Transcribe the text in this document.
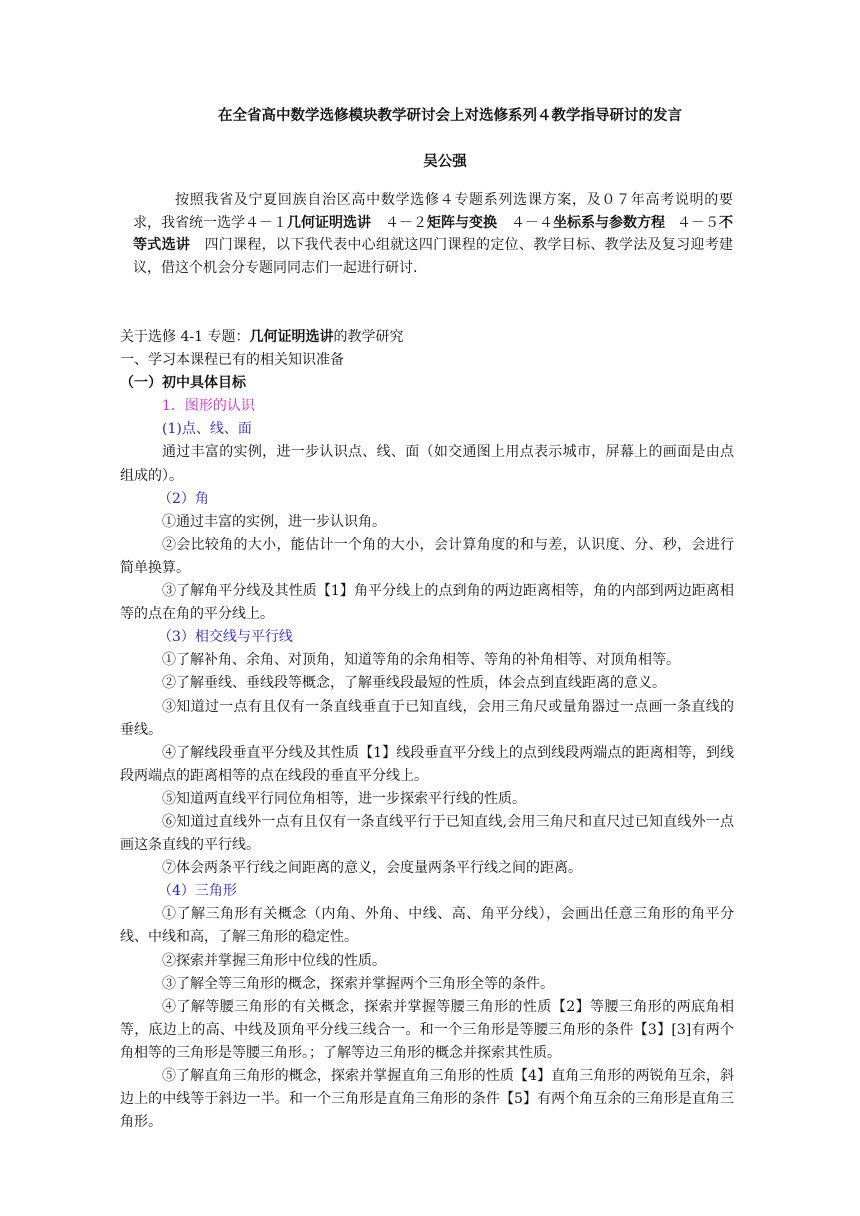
在全省高中数学选修模块教学研讨会上对选修系列４教学指导研讨的发言
吴公强
按照我省及宁夏回族自治区高中数学选修４专题系列选课方案，及０７年高考说明的要求，我省统一选学４－１几何证明选讲　４－２矩阵与变换　４－４坐标系与参数方程 ４－５不等式选讲　四门课程，以下我代表中心组就这四门课程的定位、教学目标、教学法及复习迎考建议，借这个机会分专题同同志们一起进行研讨.

关于选修 4-1 专题：几何证明选讲的教学研究

一、学习本课程已有的相关知识准备

（一）初中具体目标

1．图形的认识

(1)点、线、面

通过丰富的实例，进一步认识点、线、面（如交通图上用点表示城市，屏幕上的画面是由点组成的）。

（2）角

①通过丰富的实例，进一步认识角。

②会比较角的大小，能估计一个角的大小，会计算角度的和与差，认识度、分、秒，会进行简单换算。

③了解角平分线及其性质【1】角平分线上的点到角的两边距离相等，角的内部到两边距离相等的点在角的平分线上。

（3）相交线与平行线

①了解补角、余角、对顶角，知道等角的余角相等、等角的补角相等、对顶角相等。

②了解垂线、垂线段等概念，了解垂线段最短的性质，体会点到直线距离的意义。

③知道过一点有且仅有一条直线垂直于已知直线，会用三角尺或量角器过一点画一条直线的垂线。

④了解线段垂直平分线及其性质【1】线段垂直平分线上的点到线段两端点的距离相等，到线段两端点的距离相等的点在线段的垂直平分线上。

⑤知道两直线平行同位角相等，进一步探索平行线的性质。

⑥知道过直线外一点有且仅有一条直线平行于已知直线,会用三角尺和直尺过已知直线外一点画这条直线的平行线。

⑦体会两条平行线之间距离的意义，会度量两条平行线之间的距离。

（4）三角形

①了解三角形有关概念（内角、外角、中线、高、角平分线），会画出任意三角形的角平分线、中线和高，了解三角形的稳定性。

②探索并掌握三角形中位线的性质。

③了解全等三角形的概念，探索并掌握两个三角形全等的条件。

④了解等腰三角形的有关概念，探索并掌握等腰三角形的性质【2】等腰三角形的两底角相等，底边上的高、中线及顶角平分线三线合一。和一个三角形是等腰三角形的条件【3】[3]有两个角相等的三角形是等腰三角形。；了解等边三角形的概念并探索其性质。

⑤了解直角三角形的概念，探索并掌握直角三角形的性质【4】直角三角形的两锐角互余，斜边上的中线等于斜边一半。和一个三角形是直角三角形的条件【5】有两个角互余的三角形是直角三角形。
